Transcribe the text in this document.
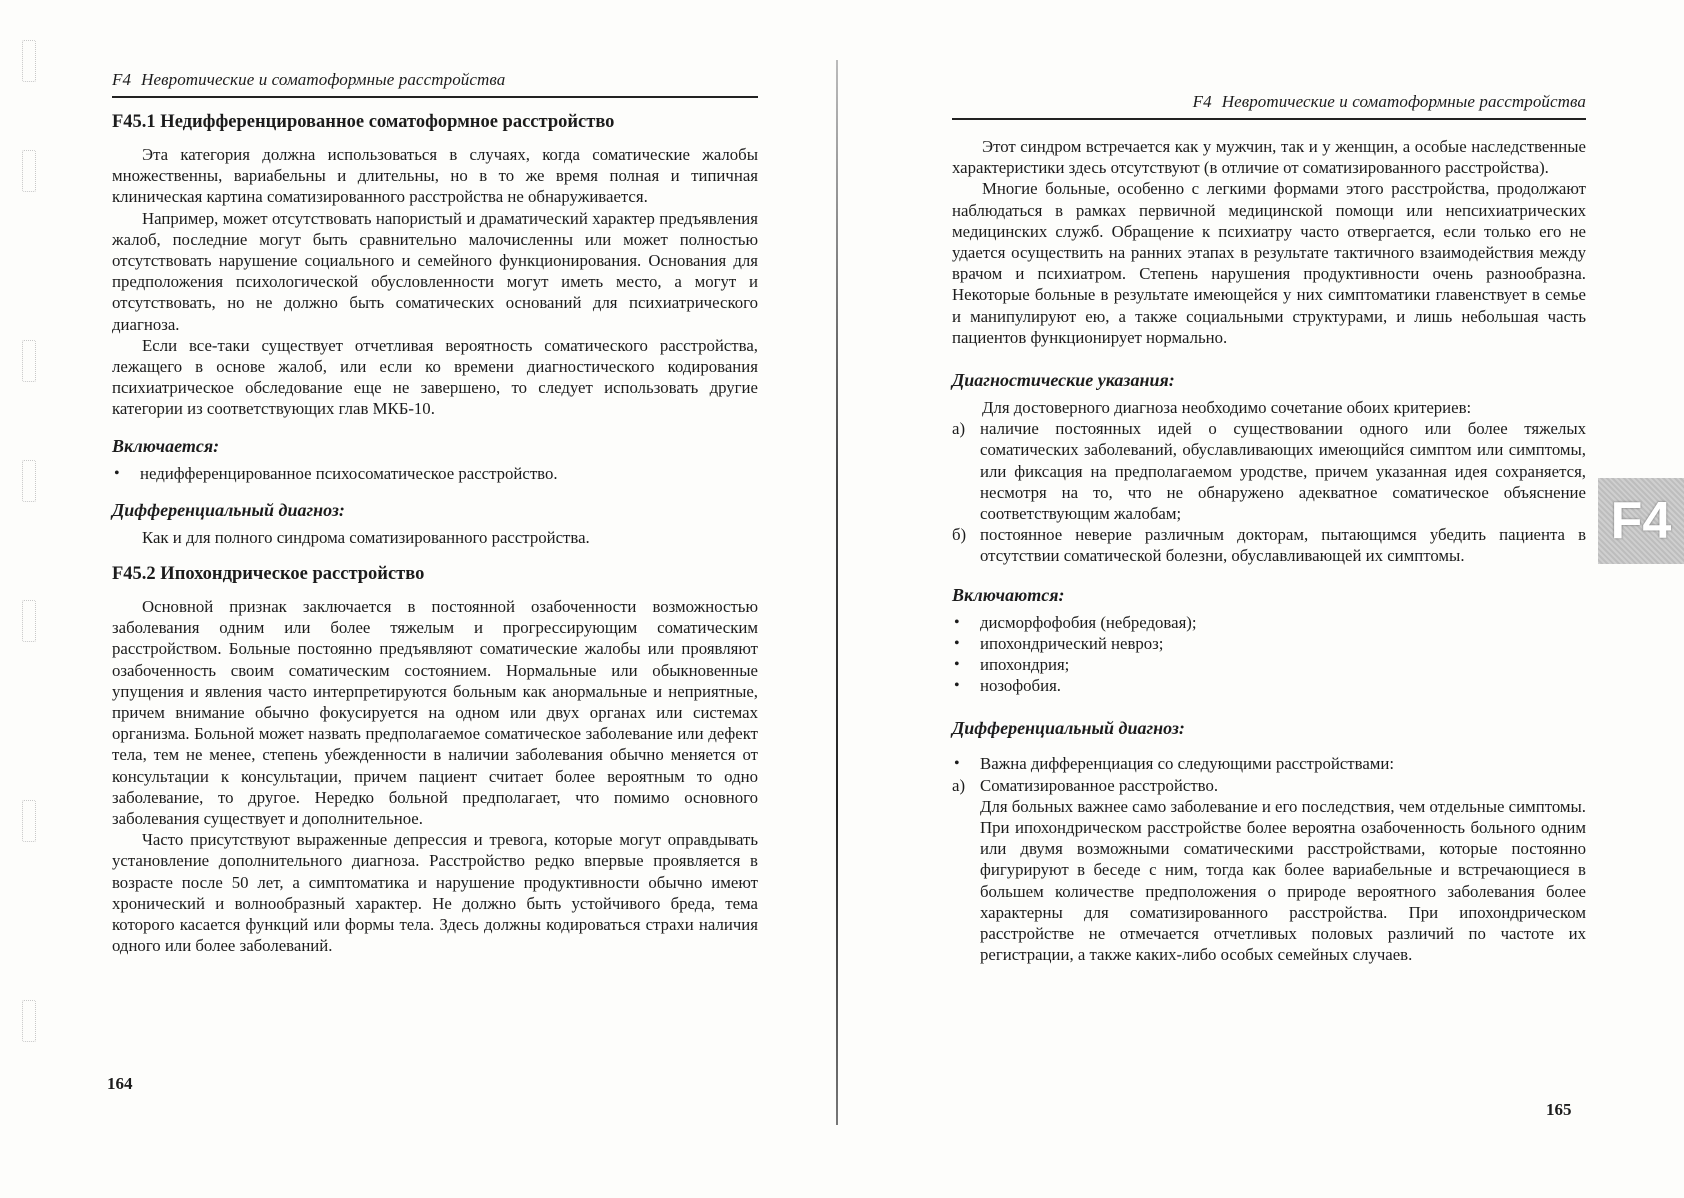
F4 Невротические и соматоформные расстройства
F45.1 Недифференцированное соматоформное расстройство

Эта категория должна использоваться в случаях, когда соматические жалобы множественны, вариабельны и длительны, но в то же время полная и типичная клиническая картина соматизированного расстройства не обнаруживается.

Например, может отсутствовать напористый и драматический характер предъявления жалоб, последние могут быть сравнительно малочисленны или может полностью отсутствовать нарушение социального и семейного функционирования. Основания для предположения психологической обусловленности могут иметь место, а могут и отсутствовать, но не должно быть соматических оснований для психиатрического диагноза.

Если все-таки существует отчетливая вероятность соматического расстройства, лежащего в основе жалоб, или если ко времени диагностического кодирования психиатрическое обследование еще не завершено, то следует использовать другие категории из соответствующих глав МКБ-10.

Включается:
• недифференцированное психосоматическое расстройство.
Дифференциальный диагноз:

Как и для полного синдрома соматизированного расстройства.

F45.2 Ипохондрическое расстройство

Основной признак заключается в постоянной озабоченности возможностью заболевания одним или более тяжелым и прогрессирующим соматическим расстройством. Больные постоянно предъявляют соматические жалобы или проявляют озабоченность своим соматическим состоянием. Нормальные или обыкновенные упущения и явления часто интерпретируются больным как анормальные и неприятные, причем внимание обычно фокусируется на одном или двух органах или системах организма. Больной может назвать предполагаемое соматическое заболевание или дефект тела, тем не менее, степень убежденности в наличии заболевания обычно меняется от консультации к консультации, причем пациент считает более вероятным то одно заболевание, то другое. Нередко больной предполагает, что помимо основного заболевания существует и дополнительное.

Часто присутствуют выраженные депрессия и тревога, которые могут оправдывать установление дополнительного диагноза. Расстройство редко впервые проявляется в возрасте после 50 лет, а симптоматика и нарушение продуктивности обычно имеют хронический и волнообразный характер. Не должно быть устойчивого бреда, тема которого касается функций или формы тела. Здесь должны кодироваться страхи наличия одного или более заболеваний.

164
F4 Невротические и соматоформные расстройства

Этот синдром встречается как у мужчин, так и у женщин, а особые наследственные характеристики здесь отсутствуют (в отличие от соматизированного расстройства).

Многие больные, особенно с легкими формами этого расстройства, продолжают наблюдаться в рамках первичной медицинской помощи или непсихиатрических медицинских служб. Обращение к психиатру часто отвергается, если только его не удается осуществить на ранних этапах в результате тактичного взаимодействия между врачом и психиатром. Степень нарушения продуктивности очень разнообразна. Некоторые больные в результате имеющейся у них симптоматики главенствует в семье и манипулируют ею, а также социальными структурами, и лишь небольшая часть пациентов функционирует нормально.

Диагностические указания:

Для достоверного диагноза необходимо сочетание обоих критериев:

а) наличие постоянных идей о существовании одного или более тяжелых соматических заболеваний, обуславливающих имеющийся симптом или симптомы, или фиксация на предполагаемом уродстве, причем указанная идея сохраняется, несмотря на то, что не обнаружено адекватное соматическое объяснение соответствующим жалобам;
б) постоянное неверие различным докторам, пытающимся убедить пациента в отсутствии соматической болезни, обуславливающей их симптомы.
Включаются:
• дисморфофобия (небредовая);
• ипохондрический невроз;
• ипохондрия;
• нозофобия.
Дифференциальный диагноз:
• Важна дифференциация со следующими расстройствами:
а) Соматизированное расстройство.
Для больных важнее само заболевание и его последствия, чем отдельные симптомы. При ипохондрическом расстройстве более вероятна озабоченность больного одним или двумя возможными соматическими расстройствами, которые постоянно фигурируют в беседе с ним, тогда как более вариабельные и встречающиеся в большем количестве предположения о природе вероятного заболевания более характерны для соматизированного расстройства. При ипохондрическом расстройстве не отмечается отчетливых половых различий по частоте их регистрации, а также каких-либо особых семейных случаев.
165
F4
